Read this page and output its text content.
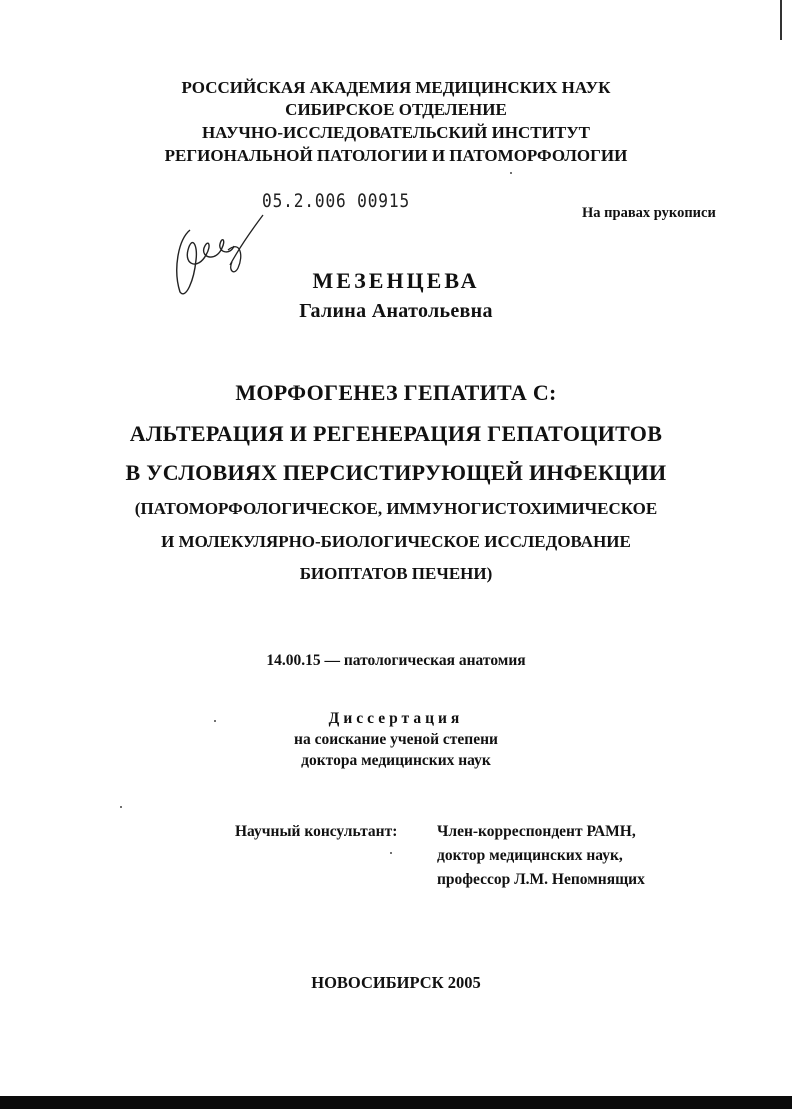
РОССИЙСКАЯ АКАДЕМИЯ МЕДИЦИНСКИХ НАУК
СИБИРСКОЕ ОТДЕЛЕНИЕ
НАУЧНО-ИССЛЕДОВАТЕЛЬСКИЙ ИНСТИТУТ
РЕГИОНАЛЬНОЙ ПАТОЛОГИИ И ПАТОМОРФОЛОГИИ
05.2.006 00915
На правах рукописи
МЕЗЕНЦЕВА
Галина Анатольевна
МОРФОГЕНЕЗ ГЕПАТИТА С:
АЛЬТЕРАЦИЯ И РЕГЕНЕРАЦИЯ ГЕПАТОЦИТОВ
В УСЛОВИЯХ ПЕРСИСТИРУЮЩЕЙ ИНФЕКЦИИ
(ПАТОМОРФОЛОГИЧЕСКОЕ, ИММУНОГИСТОХИМИЧЕСКОЕ
И МОЛЕКУЛЯРНО-БИОЛОГИЧЕСКОЕ ИССЛЕДОВАНИЕ
БИОПТАТОВ ПЕЧЕНИ)
14.00.15 — патологическая анатомия
Диссертация
на соискание ученой степени
доктора медицинских наук
Научный консультант:	Член-корреспондент РАМН,
доктор медицинских наук,
профессор Л.М. Непомнящих
НОВОСИБИРСК 2005
